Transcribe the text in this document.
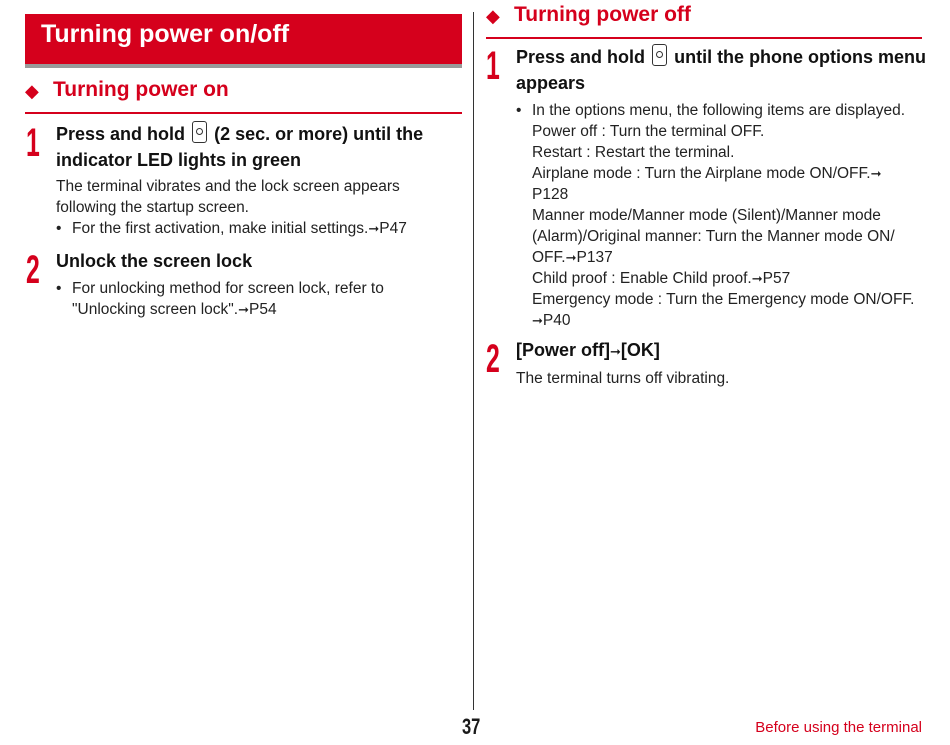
Turning power on/off
◆ Turning power on
1 Press and hold (2 sec. or more) until the
indicator LED lights in green
The terminal vibrates and the lock screen appears
following the startup screen.
• For the first activation, make initial settings.➞P47
2 Unlock the screen lock
• For unlocking method for screen lock, refer to
"Unlocking screen lock".➞P54
◆ Turning power off
1 Press and hold until the phone options menu
appears
• In the options menu, the following items are displayed.
Power off : Turn the terminal OFF.
Restart : Restart the terminal.
Airplane mode : Turn the Airplane mode ON/OFF.➞
P128
Manner mode/Manner mode (Silent)/Manner mode
(Alarm)/Original manner: Turn the Manner mode ON/
OFF.➞P137
Child proof : Enable Child proof.➞P57
Emergency mode : Turn the Emergency mode ON/OFF.
➞P40
2 [Power off]➞[OK]
The terminal turns off vibrating.
37	Before using the terminal
